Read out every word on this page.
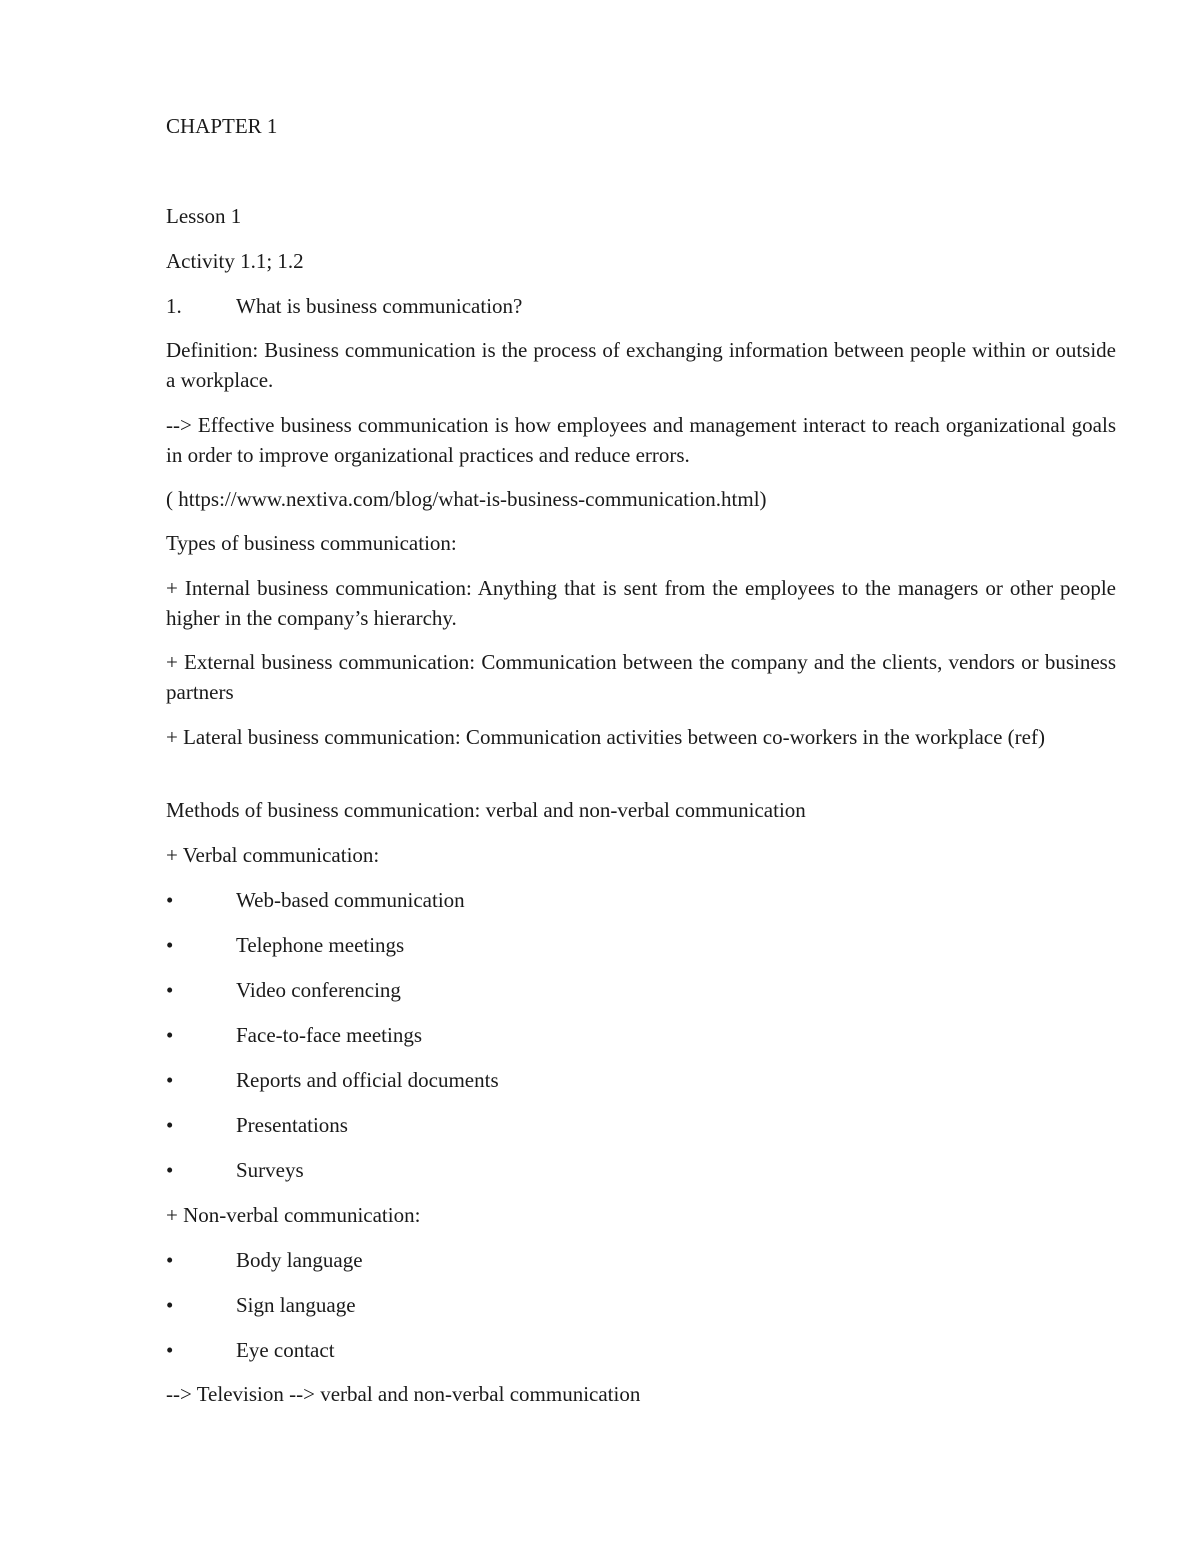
CHAPTER 1

Lesson 1

Activity 1.1; 1.2

1.	What is business communication?

Definition: Business communication is the process of exchanging information between people within or outside a workplace.

--> Effective business communication is how employees and management interact to reach organizational goals in order to improve organizational practices and reduce errors.

( https://www.nextiva.com/blog/what-is-business-communication.html)

Types of business communication:

+ Internal business communication: Anything that is sent from the employees to the managers or other people higher in the company’s hierarchy.

+ External business communication: Communication between the company and the clients, vendors or business partners

+ Lateral business communication: Communication activities between co-workers in the workplace (ref)

Methods of business communication: verbal and non-verbal communication

+ Verbal communication:

•	Web-based communication
•	Telephone meetings
•	Video conferencing
•	Face-to-face meetings
•	Reports and official documents
•	Presentations
•	Surveys

+ Non-verbal communication:

•	Body language
•	Sign language
•	Eye contact

--> Television --> verbal and non-verbal communication
